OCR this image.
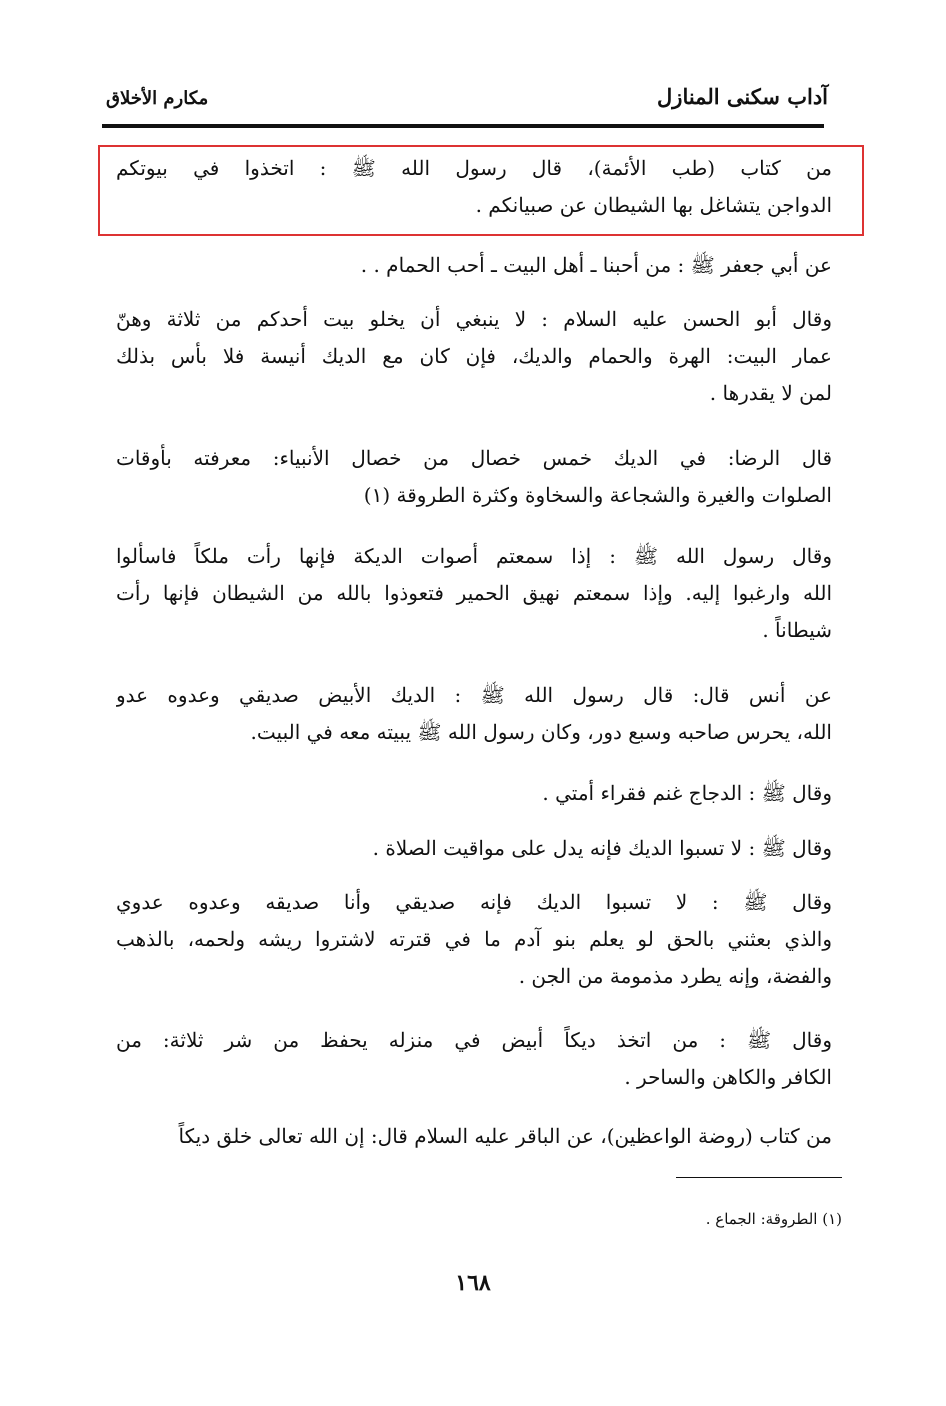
آداب سكنى المنازل
مكارم الأخلاق
من كتاب (طب الأئمة)، قال رسول الله ﷺ : اتخذوا في بيوتكم
الدواجن يتشاغل بها الشيطان عن صبيانكم .
عن أبي جعفر ﷺ : من أحبنا ـ أهل البيت ـ أحب الحمام . .
وقال أبو الحسن عليه السلام : لا ينبغي أن يخلو بيت أحدكم من ثلاثة وهنّ
عمار البيت: الهرة والحمام والديك، فإن كان مع الديك أنيسة فلا بأس بذلك
لمن لا يقدرها .
قال الرضا: في الديك خمس خصال من خصال الأنبياء: معرفته بأوقات
الصلوات والغيرة والشجاعة والسخاوة وكثرة الطروقة (١)
وقال رسول الله ﷺ : إذا سمعتم أصوات الديكة فإنها رأت ملكاً فاسألوا
الله وارغبوا إليه. وإذا سمعتم نهيق الحمير فتعوذوا بالله من الشيطان فإنها رأت
شيطاناً .
عن أنس قال: قال رسول الله ﷺ : الديك الأبيض صديقي وعدوه عدو
الله، يحرس صاحبه وسبع دور، وكان رسول الله ﷺ يبيته معه في البيت.
وقال ﷺ : الدجاج غنم فقراء أمتي .
وقال ﷺ : لا تسبوا الديك فإنه يدل على مواقيت الصلاة .
وقال ﷺ : لا تسبوا الديك فإنه صديقي وأنا صديقه وعدوه عدوي
والذي بعثني بالحق لو يعلم بنو آدم ما في قترته لاشتروا ريشه ولحمه، بالذهب
والفضة، وإنه يطرد مذمومة من الجن .
وقال ﷺ : من اتخذ ديكاً أبيض في منزله يحفظ من شر ثلاثة: من
الكافر والكاهن والساحر .
من كتاب (روضة الواعظين)، عن الباقر عليه السلام قال: إن الله تعالى خلق ديكاً
(١) الطروقة: الجماع .
١٦٨
